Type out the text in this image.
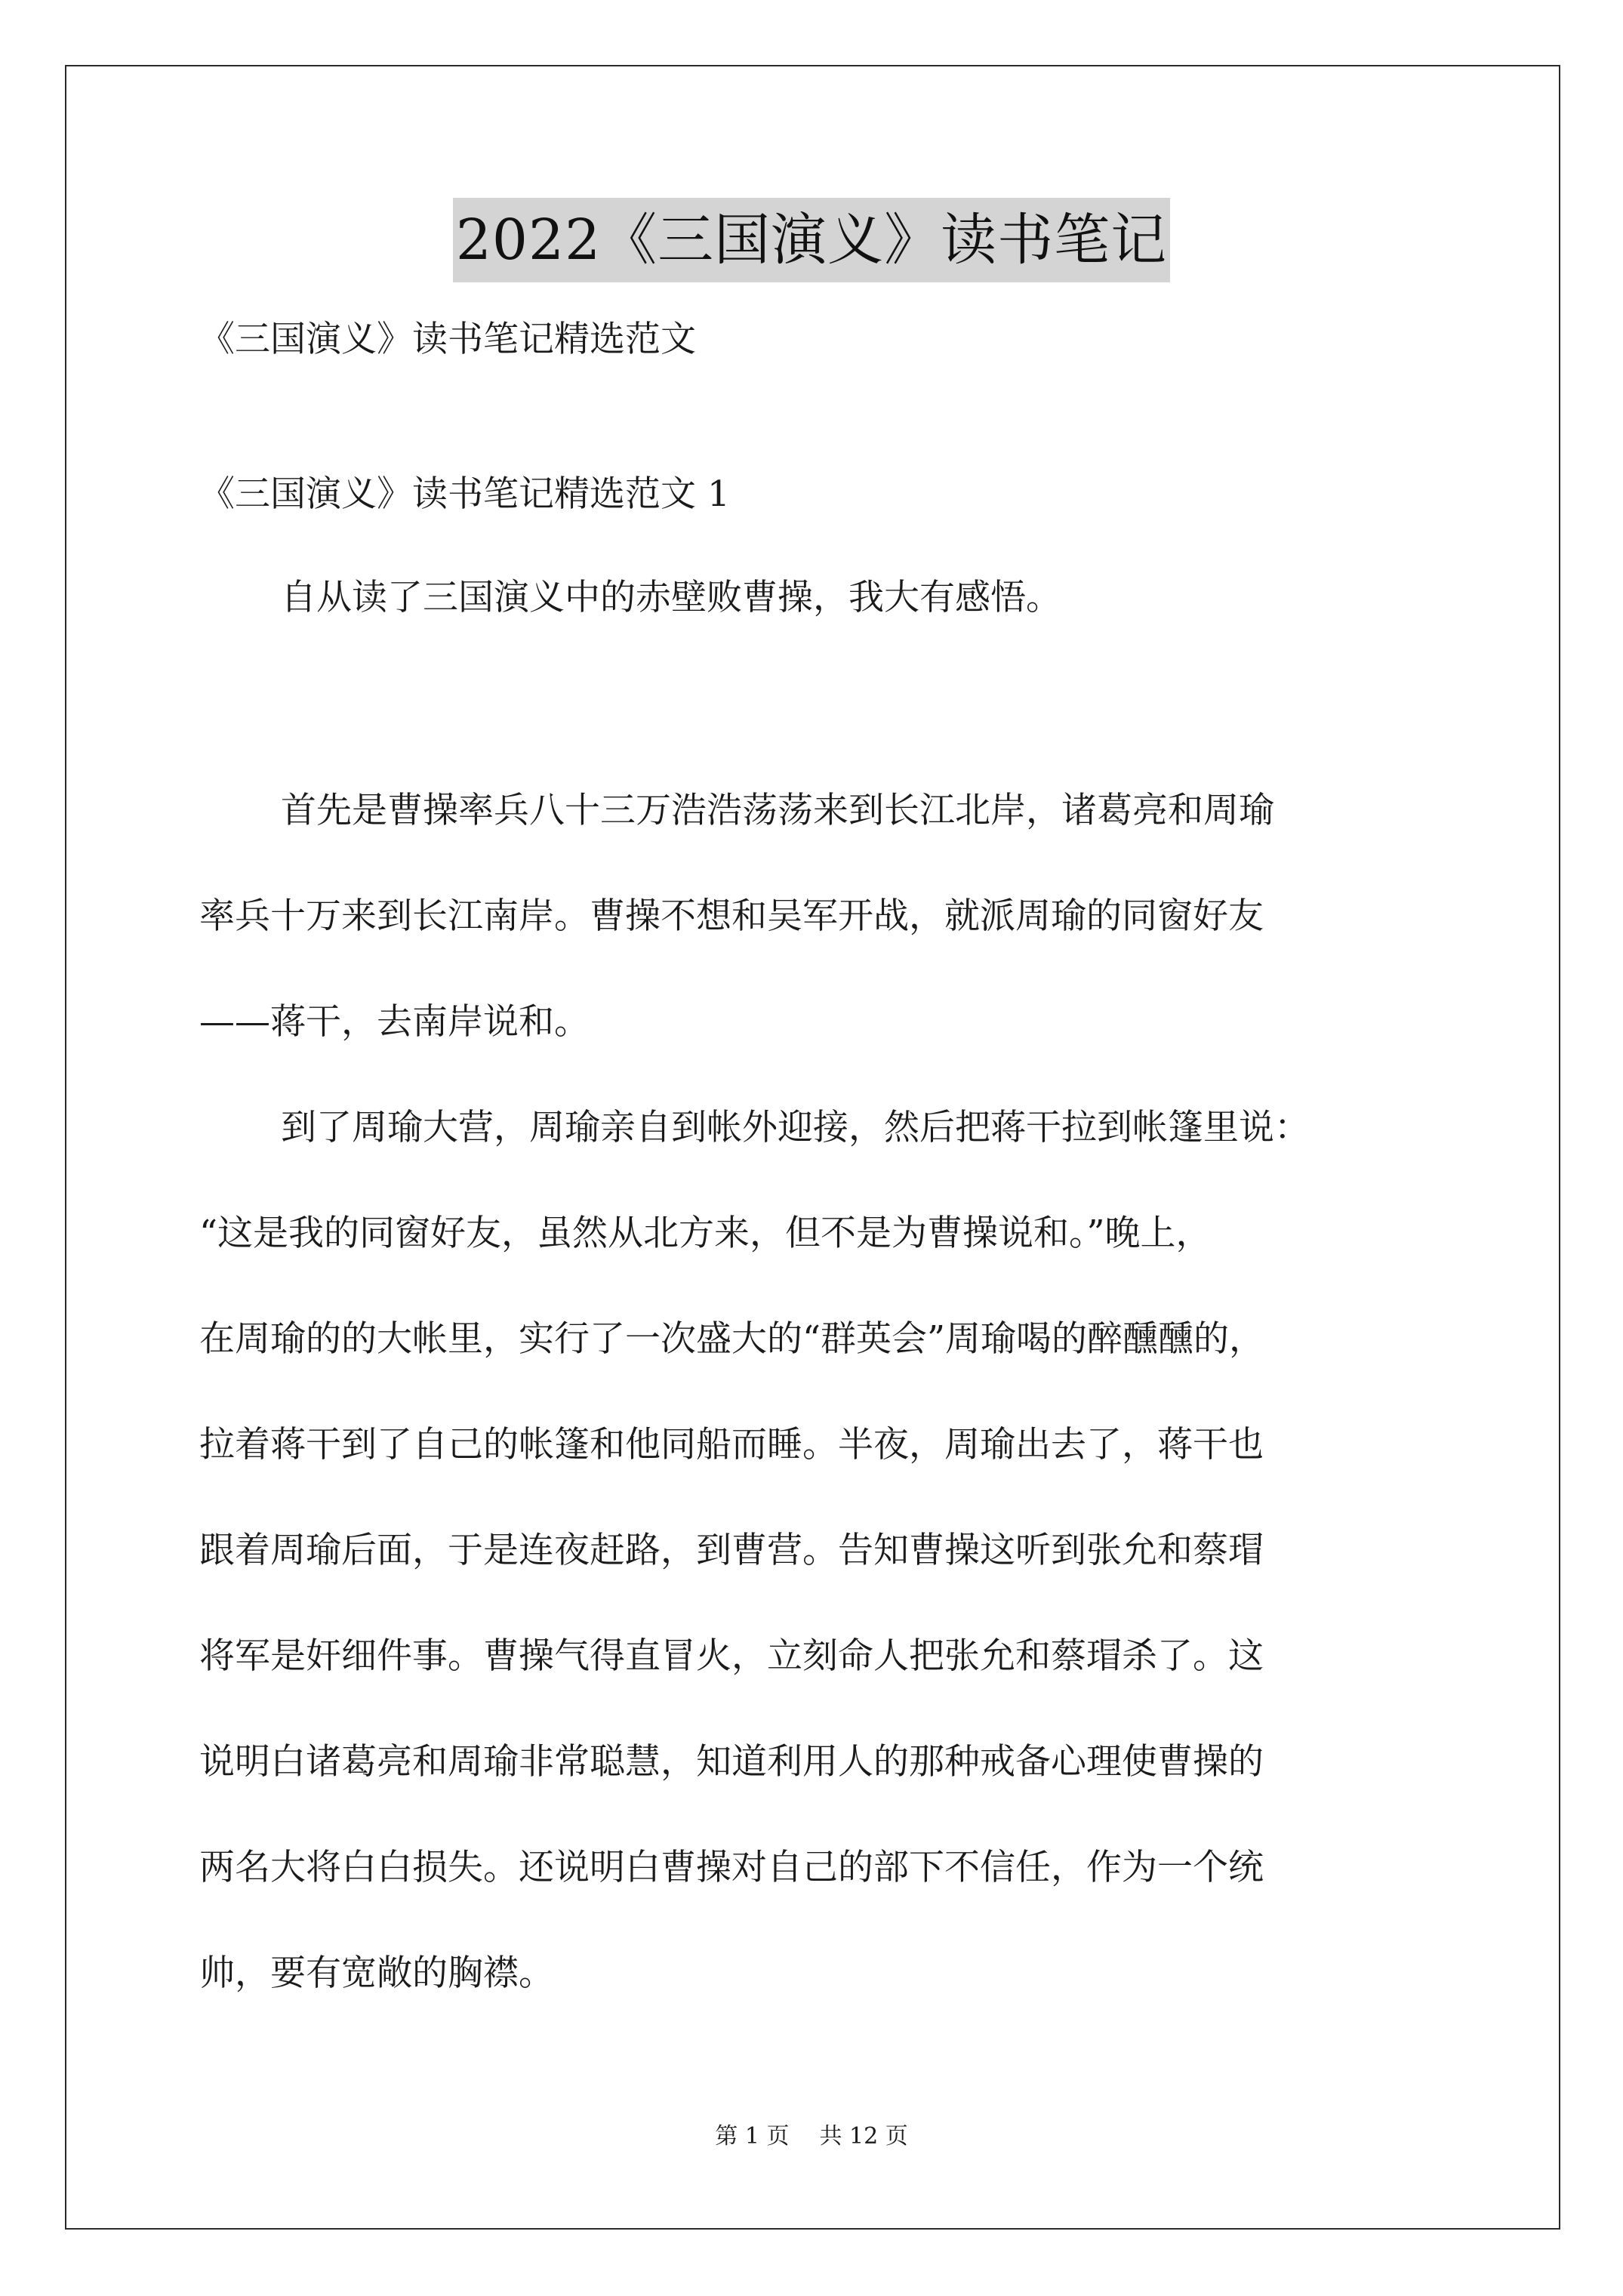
2022《三国演义》读书笔记
《三国演义》读书笔记精选范文
《三国演义》读书笔记精选范文 1
自从读了三国演义中的赤壁败曹操，我大有感悟。
首先是曹操率兵八十三万浩浩荡荡来到长江北岸，诸葛亮和周瑜
率兵十万来到长江南岸。曹操不想和吴军开战，就派周瑜的同窗好友
——蒋干，去南岸说和。
到了周瑜大营，周瑜亲自到帐外迎接，然后把蒋干拉到帐篷里说：
“这是我的同窗好友，虽然从北方来，但不是为曹操说和。”晚上，
在周瑜的的大帐里，实行了一次盛大的“群英会”周瑜喝的醉醺醺的，
拉着蒋干到了自己的帐篷和他同船而睡。半夜，周瑜出去了，蒋干也
跟着周瑜后面，于是连夜赶路，到曹营。告知曹操这听到张允和蔡瑁
将军是奸细件事。曹操气得直冒火，立刻命人把张允和蔡瑁杀了。这
说明白诸葛亮和周瑜非常聪慧，知道利用人的那种戒备心理使曹操的
两名大将白白损失。还说明白曹操对自己的部下不信任，作为一个统
帅，要有宽敞的胸襟。
第 1 页 共 12 页
